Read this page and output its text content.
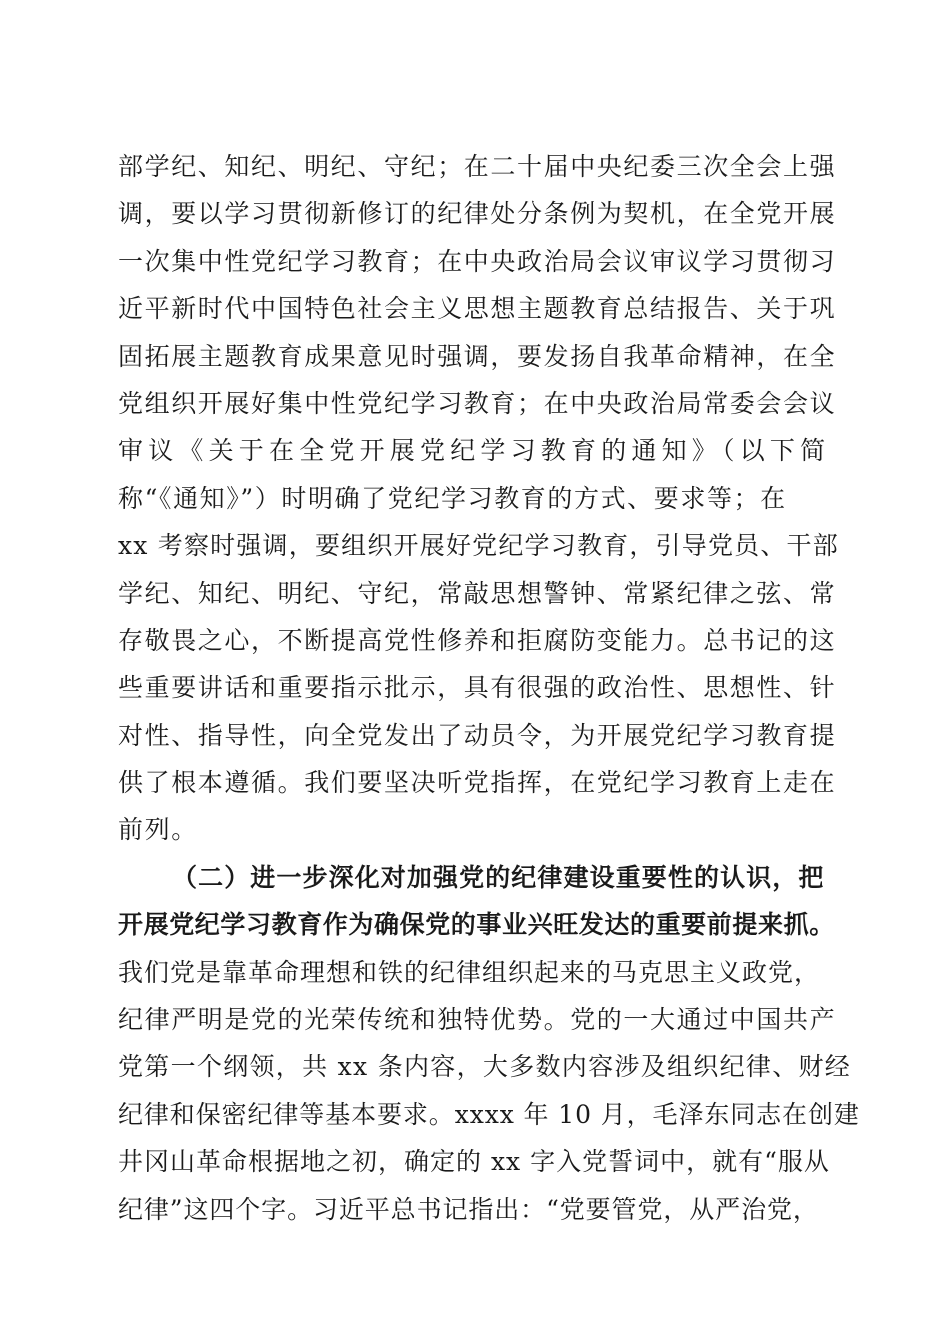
部学纪、知纪、明纪、守纪；在二十届中央纪委三次全会上强
调，要以学习贯彻新修订的纪律处分条例为契机，在全党开展
一次集中性党纪学习教育；在中央政治局会议审议学习贯彻习
近平新时代中国特色社会主义思想主题教育总结报告、关于巩
固拓展主题教育成果意见时强调，要发扬自我革命精神，在全
党组织开展好集中性党纪学习教育；在中央政治局常委会会议
审议《关于在全党开展党纪学习教育的通知》（以下简
称“《通知》”）时明确了党纪学习教育的方式、要求等；在
xx 考察时强调，要组织开展好党纪学习教育，引导党员、干部
学纪、知纪、明纪、守纪，常敲思想警钟、常紧纪律之弦、常
存敬畏之心，不断提高党性修养和拒腐防变能力。总书记的这
些重要讲话和重要指示批示，具有很强的政治性、思想性、针
对性、指导性，向全党发出了动员令，为开展党纪学习教育提
供了根本遵循。我们要坚决听党指挥，在党纪学习教育上走在
前列。
（二）进一步深化对加强党的纪律建设重要性的认识，把
开展党纪学习教育作为确保党的事业兴旺发达的重要前提来抓。
我们党是靠革命理想和铁的纪律组织起来的马克思主义政党，
纪律严明是党的光荣传统和独特优势。党的一大通过中国共产
党第一个纲领，共 xx 条内容，大多数内容涉及组织纪律、财经
纪律和保密纪律等基本要求。xxxx 年 10 月，毛泽东同志在创建
井冈山革命根据地之初，确定的 xx 字入党誓词中，就有“服从
纪律”这四个字。习近平总书记指出：“党要管党，从严治党，
